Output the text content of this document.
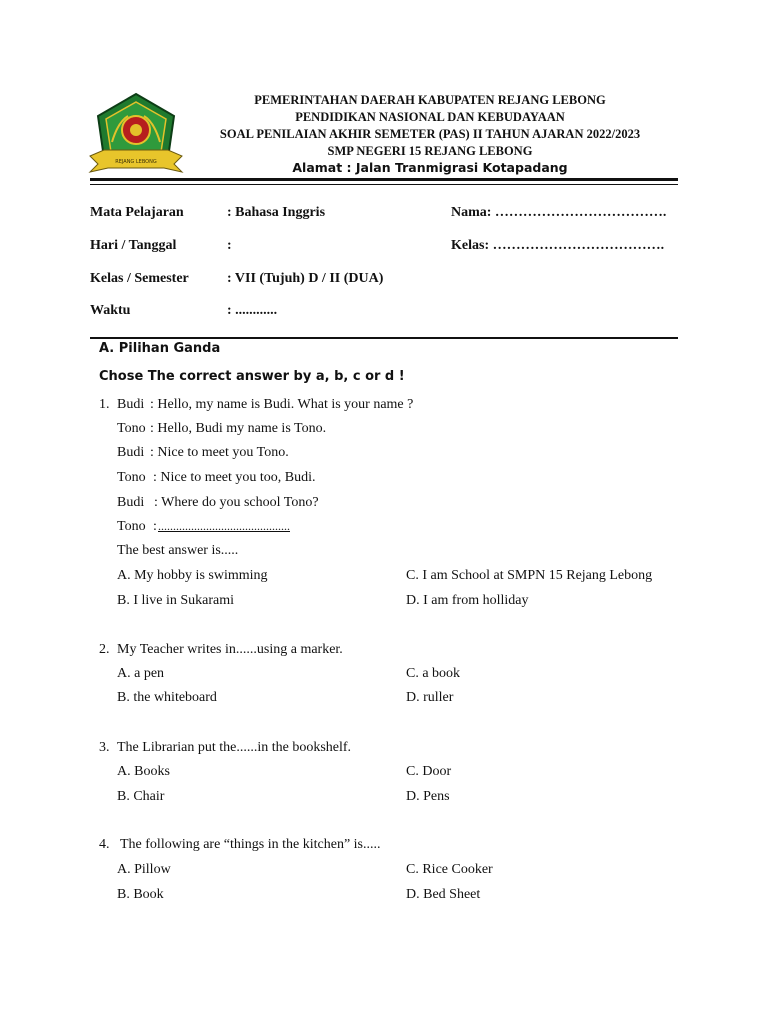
REJANG LEBONG
PEMERINTAHAN DAERAH KABUPATEN REJANG LEBONG
PENDIDIKAN NASIONAL DAN KEBUDAYAAN
SOAL PENILAIAN AKHIR SEMETER (PAS) II TAHUN AJARAN 2022/2023
SMP NEGERI 15 REJANG LEBONG
Alamat : Jalan Tranmigrasi Kotapadang
Mata Pelajaran	: Bahasa Inggris	Nama: ……………………………….
Hari / Tanggal	:	Kelas: ……………………………….
Kelas / Semester	: VII (Tujuh) D / II (DUA)
Waktu	: ............
A. Pilihan Ganda
Chose The correct answer by a, b, c or d !
1. Budi : Hello, my name is Budi. What is your name ?
Tono : Hello, Budi my name is Tono.
Budi : Nice to meet you Tono.
Tono : Nice to meet you too, Budi.
Budi : Where do you school Tono?
Tono : ............................................
The best answer is.....
A. My hobby is swimming	C. I am School at SMPN 15 Rejang Lebong
B. I live in Sukarami	D. I am from holliday
2. My Teacher writes in......using a marker.
A. a pen	C. a book
B. the whiteboard	D. ruller
3. The Librarian put the......in the bookshelf.
A. Books	C. Door
B. Chair	D. Pens
4. The following are “things in the kitchen” is.....
A. Pillow	C. Rice Cooker
B. Book	D. Bed Sheet
